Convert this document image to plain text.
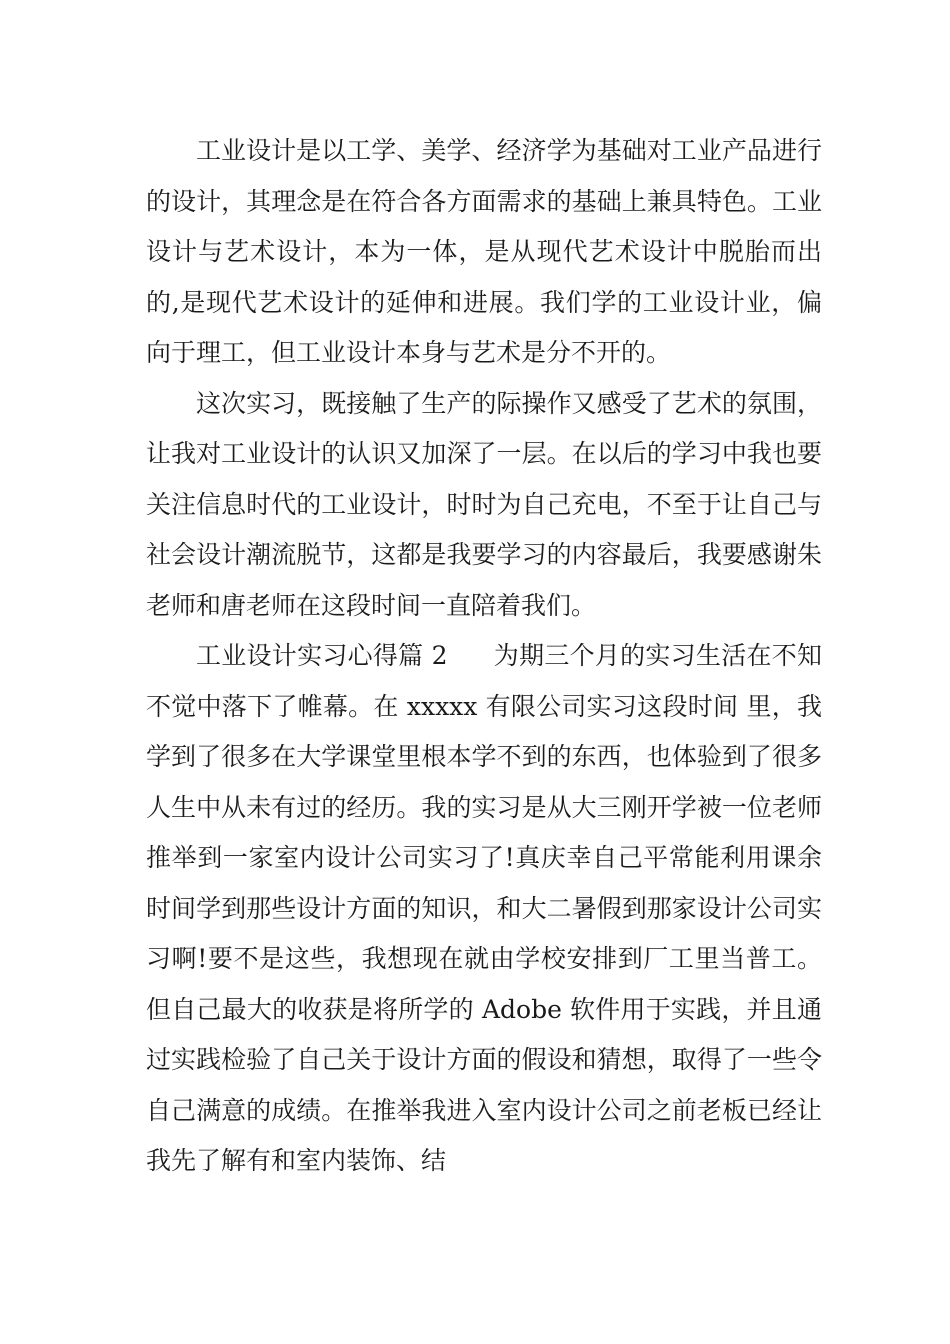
工业设计是以工学、美学、经济学为基础对工业产品进行的设计，其理念是在符合各方面需求的基础上兼具特色。工业设计与艺术设计，本为一体，是从现代艺术设计中脱胎而出的,是现代艺术设计的延伸和进展。我们学的工业设计业，偏向于理工，但工业设计本身与艺术是分不开的。

这次实习，既接触了生产的际操作又感受了艺术的氛围，让我对工业设计的认识又加深了一层。在以后的学习中我也要关注信息时代的工业设计，时时为自己充电，不至于让自己与社会设计潮流脱节，这都是我要学习的内容最后，我要感谢朱老师和唐老师在这段时间一直陪着我们。

工业设计实习心得篇 2 为期三个月的实习生活在不知不觉中落下了帷幕。在 xxxxx 有限公司实习这段时间 里，我学到了很多在大学课堂里根本学不到的东西，也体验到了很多人生中从未有过的经历。我的实习是从大三刚开学被一位老师推举到一家室内设计公司实习了!真庆幸自己平常能利用课余时间学到那些设计方面的知识，和大二暑假到那家设计公司实习啊!要不是这些，我想现在就由学校安排到厂工里当普工。但自己最大的收获是将所学的 Adobe 软件用于实践，并且通 过实践检验了自己关于设计方面的假设和猜想，取得了一些令自己满意的成绩。在推举我进入室内设计公司之前老板已经让我先了解有和室内装饰、结
